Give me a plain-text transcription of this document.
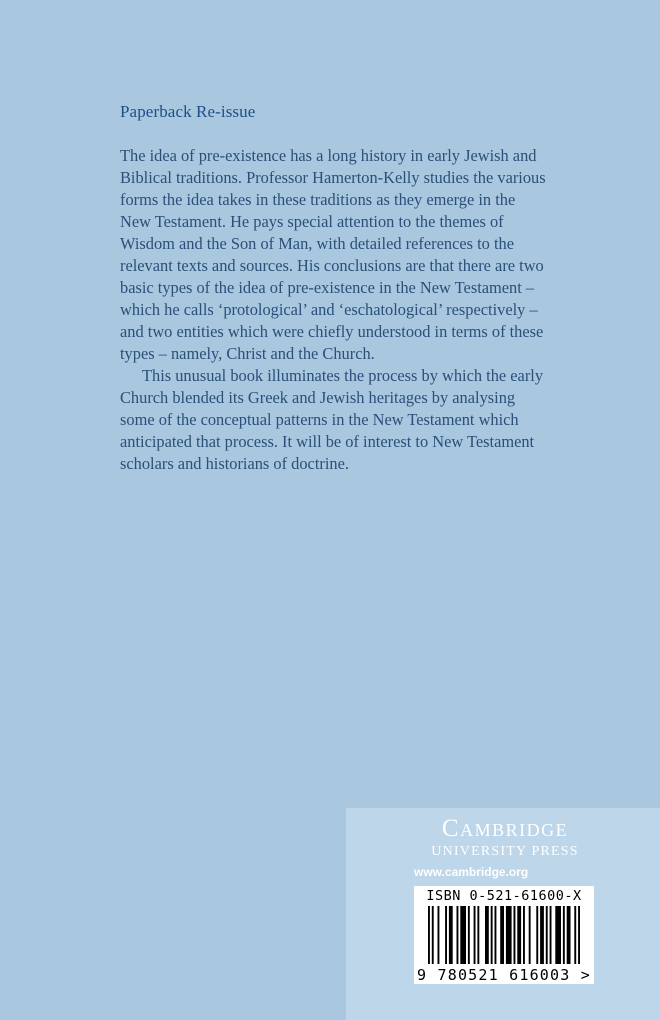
Paperback Re-issue

The idea of pre-existence has a long history in early Jewish and Biblical traditions. Professor Hamerton-Kelly studies the various forms the idea takes in these traditions as they emerge in the New Testament. He pays special attention to the themes of Wisdom and the Son of Man, with detailed references to the relevant texts and sources. His conclusions are that there are two basic types of the idea of pre-existence in the New Testament – which he calls ‘protological’ and ‘eschatological’ respectively – and two entities which were chiefly understood in terms of these types – namely, Christ and the Church.

This unusual book illuminates the process by which the early Church blended its Greek and Jewish heritages by analysing some of the conceptual patterns in the New Testament which anticipated that process. It will be of interest to New Testament scholars and historians of doctrine.

Cambridge
UNIVERSITY PRESS
www.cambridge.org
ISBN 0-521-61600-X
9 780521 616003 >
